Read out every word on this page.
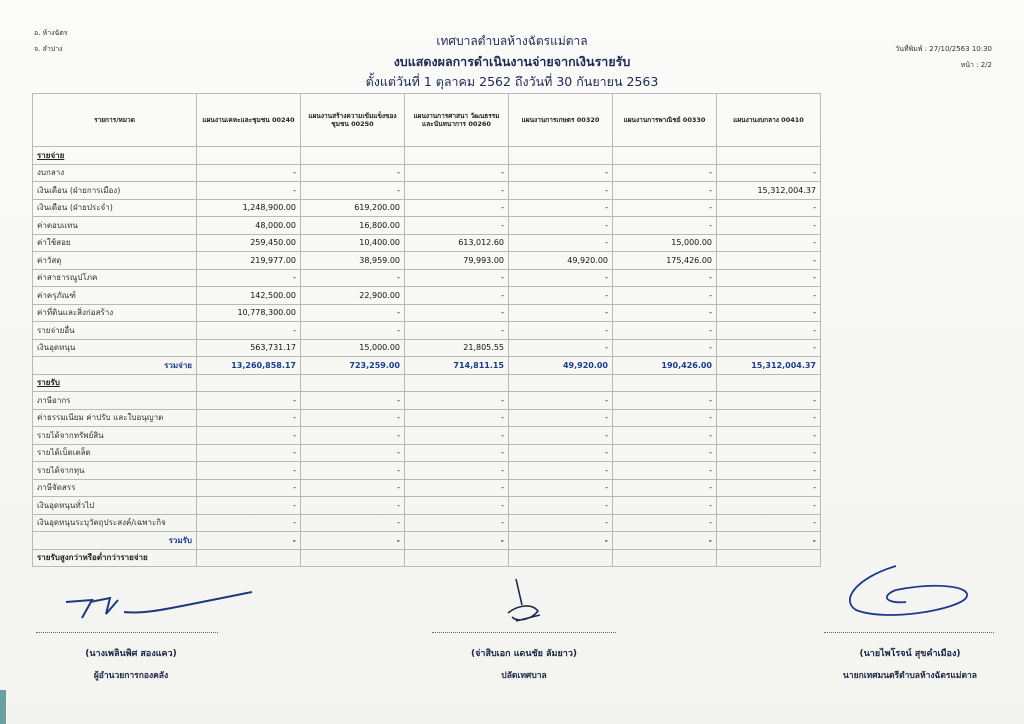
อ. ห้างฉัตร
จ. ลำปาง	วันที่พิมพ์ : 27/10/2563 10:30
หน้า : 2/2
เทศบาลตำบลห้างฉัตรแม่ตาล
งบแสดงผลการดำเนินงานจ่ายจากเงินรายรับ
ตั้งแต่วันที่ 1 ตุลาคม 2562 ถึงวันที่ 30 กันยายน 2563
รายการ/หมวด	แผนงานเคหะและชุมชน 00240	แผนงานสร้างความเข้มแข็งของชุมชน 00250	แผนงานการศาสนา วัฒนธรรมและนันทนาการ 00260	แผนงานการเกษตร 00320	แผนงานการพาณิชย์ 00330	แผนงานงบกลาง 00410
รายจ่าย						
งบกลาง	-	-	-	-	-	-
เงินเดือน (ฝ่ายการเมือง)	-	-	-	-	-	15,312,004.37
เงินเดือน (ฝ่ายประจำ)	1,248,900.00	619,200.00	-	-	-	-
ค่าตอบแทน	48,000.00	16,800.00	-	-	-	-
ค่าใช้สอย	259,450.00	10,400.00	613,012.60	-	15,000.00	-
ค่าวัสดุ	219,977.00	38,959.00	79,993.00	49,920.00	175,426.00	-
ค่าสาธารณูปโภค	-	-	-	-	-	-
ค่าครุภัณฑ์	142,500.00	22,900.00	-	-	-	-
ค่าที่ดินและสิ่งก่อสร้าง	10,778,300.00	-	-	-	-	-
รายจ่ายอื่น	-	-	-	-	-	-
เงินอุดหนุน	563,731.17	15,000.00	21,805.55	-	-	-
รวมจ่าย	13,260,858.17	723,259.00	714,811.15	49,920.00	190,426.00	15,312,004.37
รายรับ						
ภาษีอากร	-	-	-	-	-	-
ค่าธรรมเนียม ค่าปรับ และใบอนุญาต	-	-	-	-	-	-
รายได้จากทรัพย์สิน	-	-	-	-	-	-
รายได้เบ็ดเตล็ด	-	-	-	-	-	-
รายได้จากทุน	-	-	-	-	-	-
ภาษีจัดสรร	-	-	-	-	-	-
เงินอุดหนุนทั่วไป	-	-	-	-	-	-
เงินอุดหนุนระบุวัตถุประสงค์/เฉพาะกิจ	-	-	-	-	-	-
รวมรับ	-	-	-	-	-	-
รายรับสูงกว่าหรือต่ำกว่ารายจ่าย						
(นางเพลินพิศ สองแคว)
ผู้อำนวยการกองคลัง
(จ่าสิบเอก แดนชัย ลัมยาว)
ปลัดเทศบาล
(นายไพโรจน์ สุขคำเมือง)
นายกเทศมนตรีตำบลห้างฉัตรแม่ตาล
